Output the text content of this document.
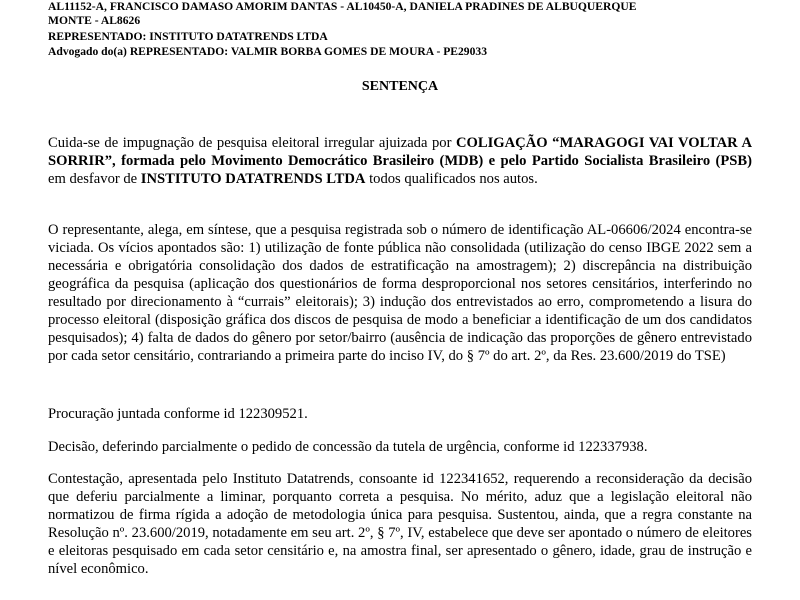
AL11152-A, FRANCISCO DAMASO AMORIM DANTAS - AL10450-A, DANIELA PRADINES DE ALBUQUERQUE
MONTE - AL8626
REPRESENTADO: INSTITUTO DATATRENDS LTDA
Advogado do(a) REPRESENTADO: VALMIR BORBA GOMES DE MOURA - PE29033
SENTENÇA

Cuida-se de impugnação de pesquisa eleitoral irregular ajuizada por COLIGAÇÃO “MARAGOGI VAI VOLTAR A SORRIR”, formada pelo Movimento Democrático Brasileiro (MDB) e pelo Partido Socialista Brasileiro (PSB) em desfavor de INSTITUTO DATATRENDS LTDA todos qualificados nos autos.

O representante, alega, em síntese, que a pesquisa registrada sob o número de identificação AL-06606/2024 encontra-se viciada. Os vícios apontados são: 1) utilização de fonte pública não consolidada (utilização do censo IBGE 2022 sem a necessária e obrigatória consolidação dos dados de estratificação na amostragem); 2) discrepância na distribuição geográfica da pesquisa (aplicação dos questionários de forma desproporcional nos setores censitários, interferindo no resultado por direcionamento à “currais” eleitorais); 3) indução dos entrevistados ao erro, comprometendo a lisura do processo eleitoral (disposição gráfica dos discos de pesquisa de modo a beneficiar a identificação de um dos candidatos pesquisados); 4) falta de dados do gênero por setor/bairro (ausência de indicação das proporções de gênero entrevistado por cada setor censitário, contrariando a primeira parte do inciso IV, do § 7º do art. 2º, da Res. 23.600/2019 do TSE)

Procuração juntada conforme id 122309521.

Decisão, deferindo parcialmente o pedido de concessão da tutela de urgência, conforme id 122337938.

Contestação, apresentada pelo Instituto Datatrends, consoante id 122341652, requerendo a reconsideração da decisão que deferiu parcialmente a liminar, porquanto correta a pesquisa. No mérito, aduz que a legislação eleitoral não normatizou de firma rígida a adoção de metodologia única para pesquisa. Sustentou, ainda, que a regra constante na Resolução nº. 23.600/2019, notadamente em seu art. 2º, § 7º, IV, estabelece que deve ser apontado o número de eleitores e eleitoras pesquisado em cada setor censitário e, na amostra final, ser apresentado o gênero, idade, grau de instrução e nível econômico.
